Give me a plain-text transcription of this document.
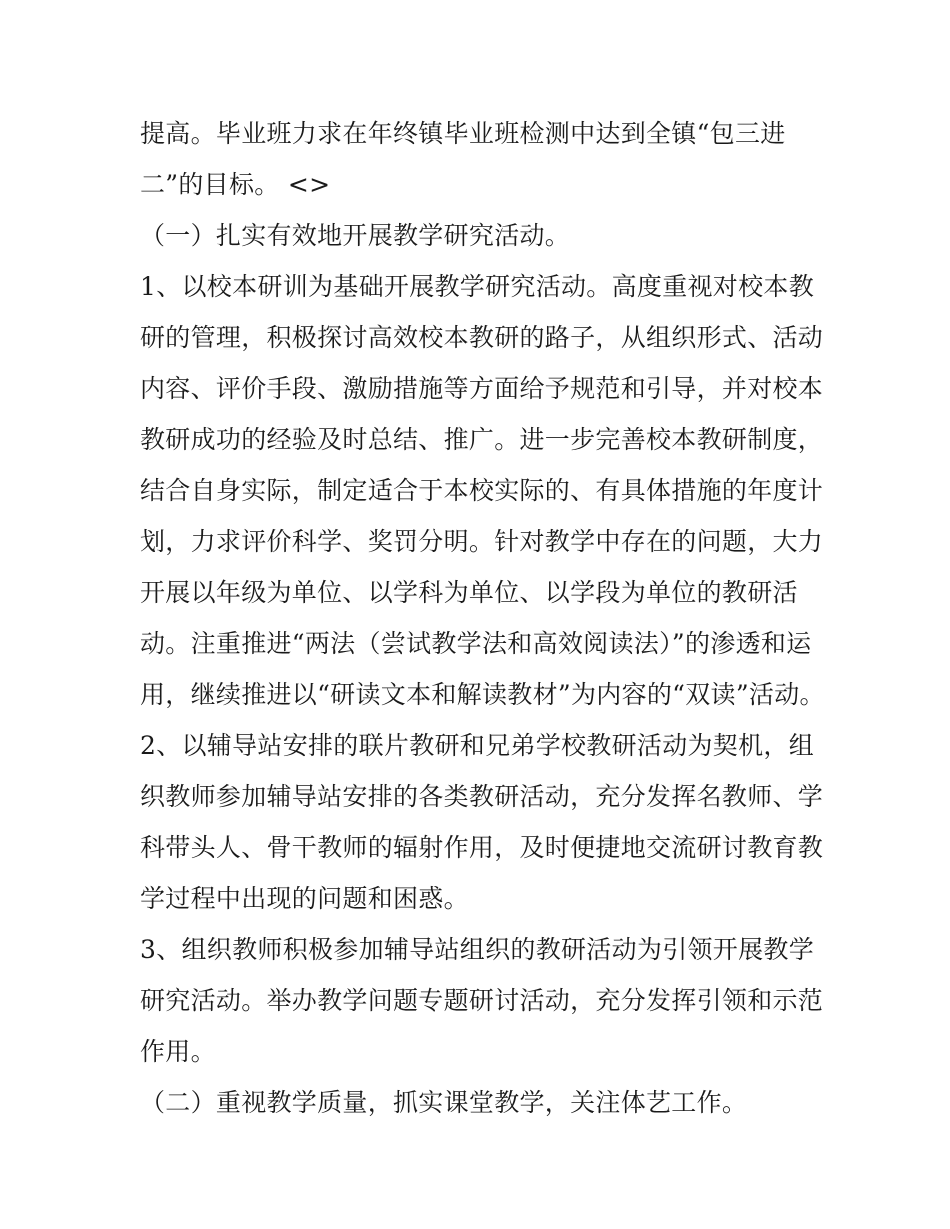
提高。毕业班力求在年终镇毕业班检测中达到全镇“包三进
二”的目标。 <>
（一）扎实有效地开展教学研究活动。
1、以校本研训为基础开展教学研究活动。高度重视对校本教
研的管理，积极探讨高效校本教研的路子，从组织形式、活动
内容、评价手段、激励措施等方面给予规范和引导，并对校本
教研成功的经验及时总结、推广。进一步完善校本教研制度，
结合自身实际，制定适合于本校实际的、有具体措施的年度计
划，力求评价科学、奖罚分明。针对教学中存在的问题，大力
开展以年级为单位、以学科为单位、以学段为单位的教研活
动。注重推进“两法（尝试教学法和高效阅读法）”的渗透和运
用，继续推进以“研读文本和解读教材”为内容的“双读”活动。
2、以辅导站安排的联片教研和兄弟学校教研活动为契机，组
织教师参加辅导站安排的各类教研活动，充分发挥名教师、学
科带头人、骨干教师的辐射作用，及时便捷地交流研讨教育教
学过程中出现的问题和困惑。
3、组织教师积极参加辅导站组织的教研活动为引领开展教学
研究活动。举办教学问题专题研讨活动，充分发挥引领和示范
作用。
（二）重视教学质量，抓实课堂教学，关注体艺工作。
